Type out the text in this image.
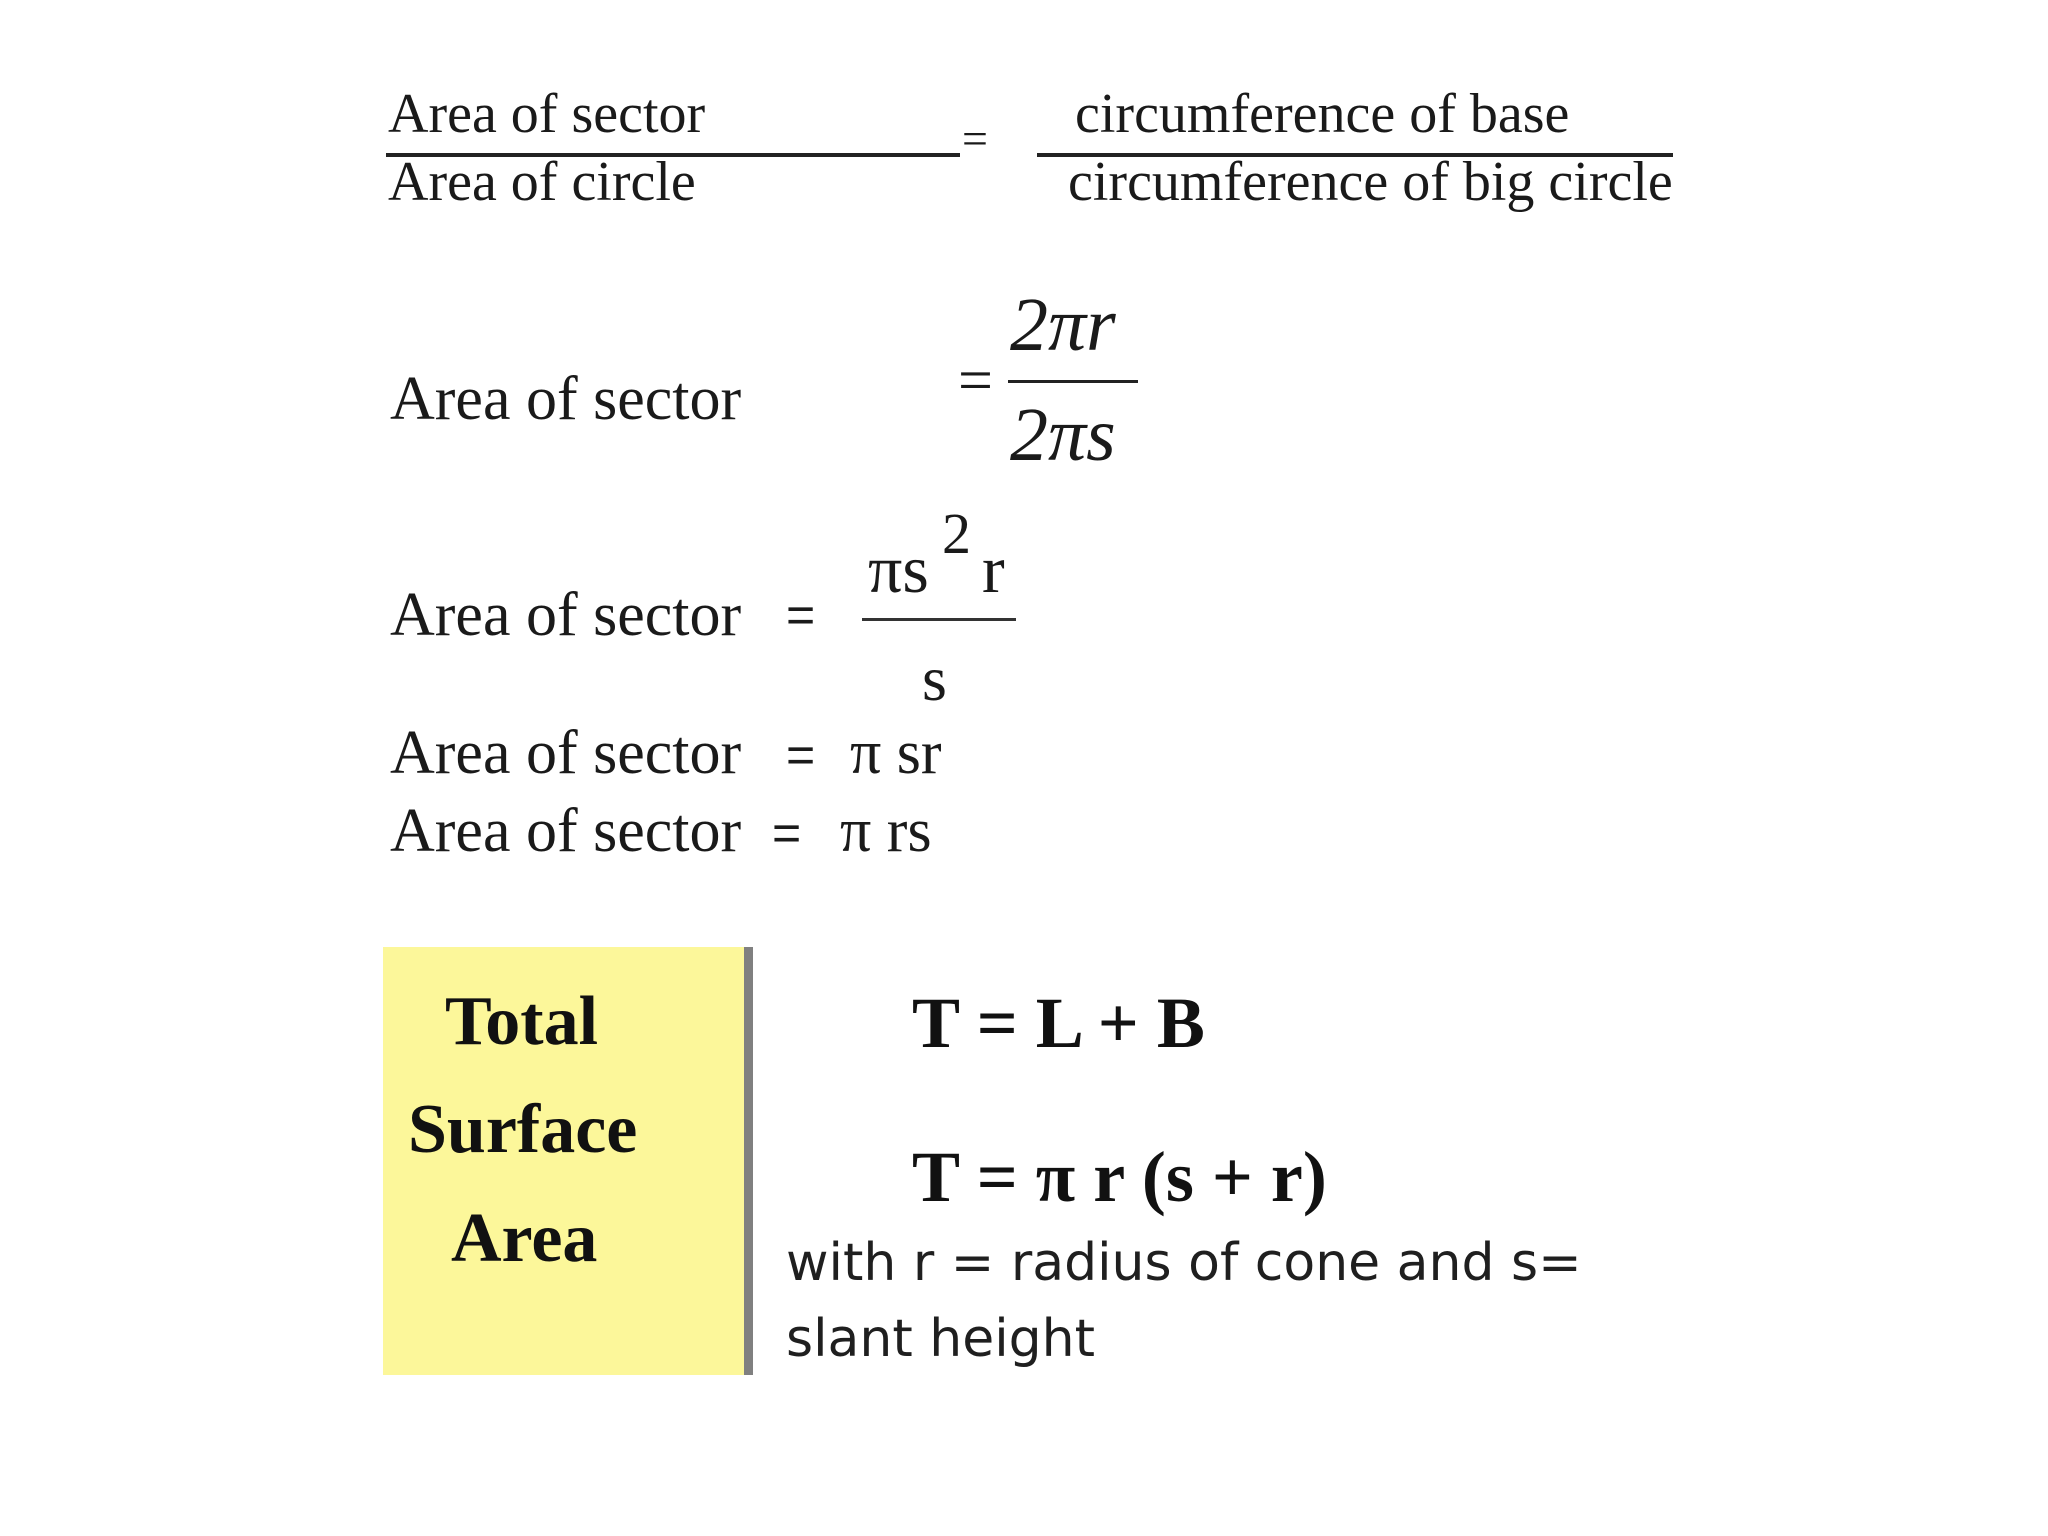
Area of sector
Area of circle
= circumference of base
circumference of big circle
Area of sector	=
2πr
2πs
Area of sector =
πs 2 r
s
Area of sector = π sr
Area of sector = π rs
Total
Surface
Area
T = L + B
T = π r (s + r)
with r = radius of cone and s=
slant height
